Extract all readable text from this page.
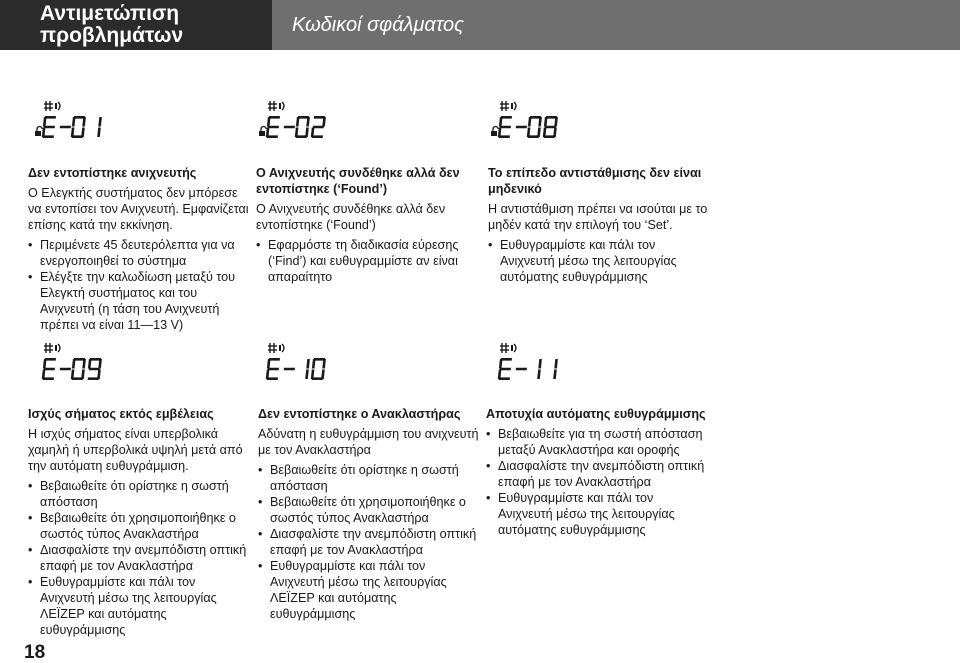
Αντιμετώπιση
προβλημάτων	Κωδικοί σφάλματος

Δεν εντοπίστηκε ανιχνευτής

Ο Ελεγκτής συστήματος δεν μπόρεσε να εντοπίσει τον Ανιχνευτή. Εμφανίζεται επίσης κατά την εκκίνηση.

• Περιμένετε 45 δευτερόλεπτα για να ενεργοποιηθεί το σύστημα
• Ελέγξτε την καλωδίωση μεταξύ του Ελεγκτή συστήματος και του Ανιχνευτή (η τάση του Ανιχνευτή πρέπει να είναι 11—13 V)

Ο Ανιχνευτής συνδέθηκε αλλά δεν εντοπίστηκε (‘Found’)

Ο Ανιχνευτής συνδέθηκε αλλά δεν εντοπίστηκε (‘Found’)

• Εφαρμόστε τη διαδικασία εύρεσης (‘Find’) και ευθυγραμμίστε αν είναι απαραίτητο

Το επίπεδο αντιστάθμισης δεν είναι μηδενικό

Η αντιστάθμιση πρέπει να ισούται με το μηδέν κατά την επιλογή του ‘Set’.

• Ευθυγραμμίστε και πάλι τον Ανιχνευτή μέσω της λειτουργίας αυτόματης ευθυγράμμισης

Ισχύς σήματος εκτός εμβέλειας

Η ισχύς σήματος είναι υπερβολικά χαμηλή ή υπερβολικά υψηλή μετά από την αυτόματη ευθυγράμμιση.

• Βεβαιωθείτε ότι ορίστηκε η σωστή απόσταση
• Βεβαιωθείτε ότι χρησιμοποιήθηκε ο σωστός τύπος Ανακλαστήρα
• Διασφαλίστε την ανεμπόδιστη οπτική επαφή με τον Ανακλαστήρα
• Ευθυγραμμίστε και πάλι τον Ανιχνευτή μέσω της λειτουργίας ΛΕΪΖΕΡ και αυτόματης ευθυγράμμισης

Δεν εντοπίστηκε ο Ανακλαστήρας

Αδύνατη η ευθυγράμμιση του ανιχνευτή με τον Ανακλαστήρα

• Βεβαιωθείτε ότι ορίστηκε η σωστή απόσταση
• Βεβαιωθείτε ότι χρησιμοποιήθηκε ο σωστός τύπος Ανακλαστήρα
• Διασφαλίστε την ανεμπόδιστη οπτική επαφή με τον Ανακλαστήρα
• Ευθυγραμμίστε και πάλι τον Ανιχνευτή μέσω της λειτουργίας ΛΕΪΖΕΡ και αυτόματης ευθυγράμμισης

Αποτυχία αυτόματης ευθυγράμμισης

• Βεβαιωθείτε για τη σωστή απόσταση μεταξύ Ανακλαστήρα και οροφής
• Διασφαλίστε την ανεμπόδιστη οπτική επαφή με τον Ανακλαστήρα
• Ευθυγραμμίστε και πάλι τον Ανιχνευτή μέσω της λειτουργίας αυτόματης ευθυγράμμισης
18
